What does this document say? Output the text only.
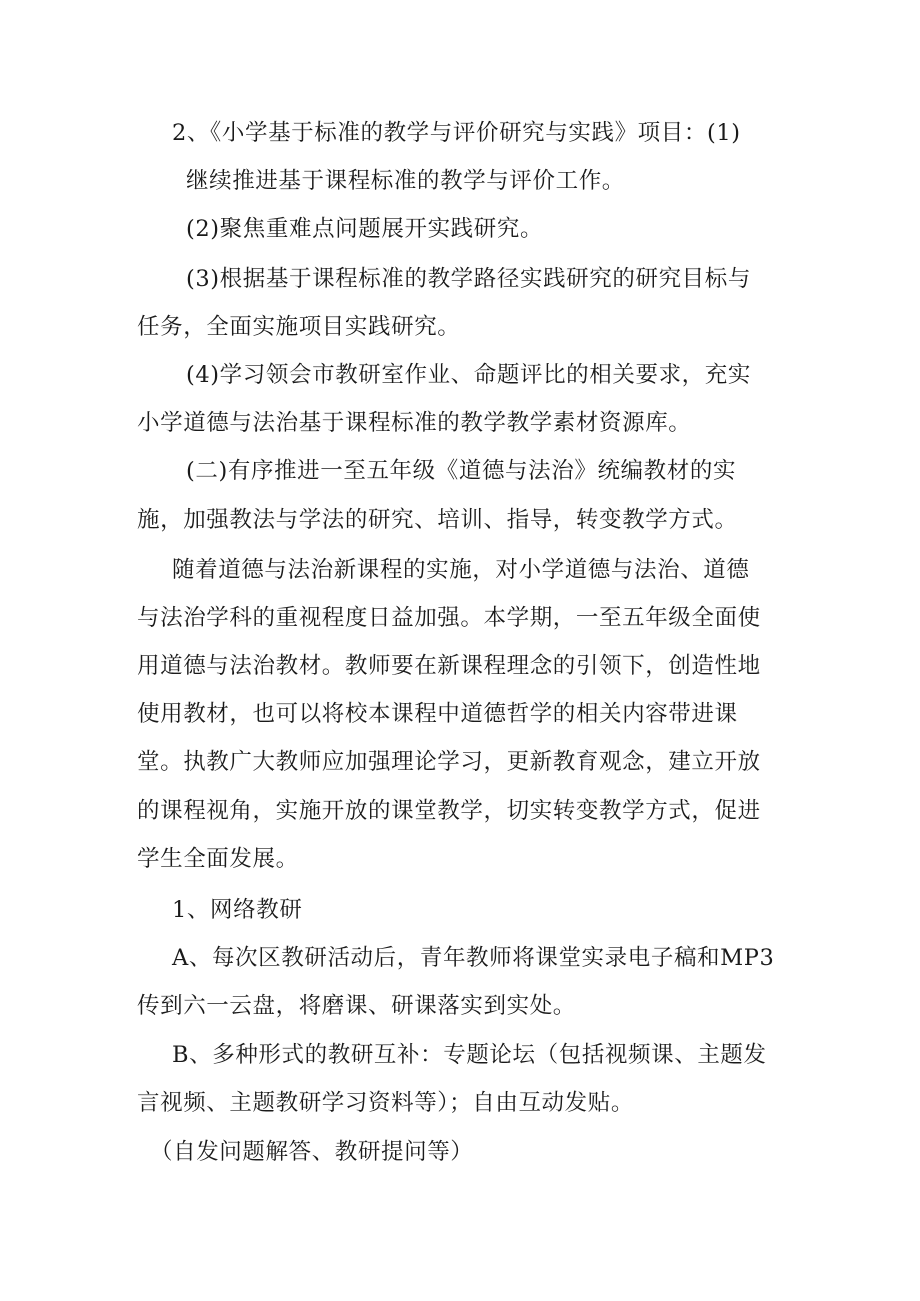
2、《小学基于标准的教学与评价研究与实践》项目：(1)
继续推进基于课程标准的教学与评价工作。
(2)聚焦重难点问题展开实践研究。
(3)根据基于课程标准的教学路径实践研究的研究目标与
任务，全面实施项目实践研究。
(4)学习领会市教研室作业、命题评比的相关要求，充实
小学道德与法治基于课程标准的教学教学素材资源库。
(二)有序推进一至五年级《道德与法治》统编教材的实
施，加强教法与学法的研究、培训、指导，转变教学方式。
随着道德与法治新课程的实施，对小学道德与法治、道德
与法治学科的重视程度日益加强。本学期，一至五年级全面使
用道德与法治教材。教师要在新课程理念的引领下，创造性地
使用教材，也可以将校本课程中道德哲学的相关内容带进课
堂。执教广大教师应加强理论学习，更新教育观念，建立开放
的课程视角，实施开放的课堂教学，切实转变教学方式，促进
学生全面发展。
1、网络教研
A、每次区教研活动后，青年教师将课堂实录电子稿和MP3
传到六一云盘，将磨课、研课落实到实处。
B、多种形式的教研互补：专题论坛（包括视频课、主题发
言视频、主题教研学习资料等）；自由互动发贴。
（自发问题解答、教研提问等）
